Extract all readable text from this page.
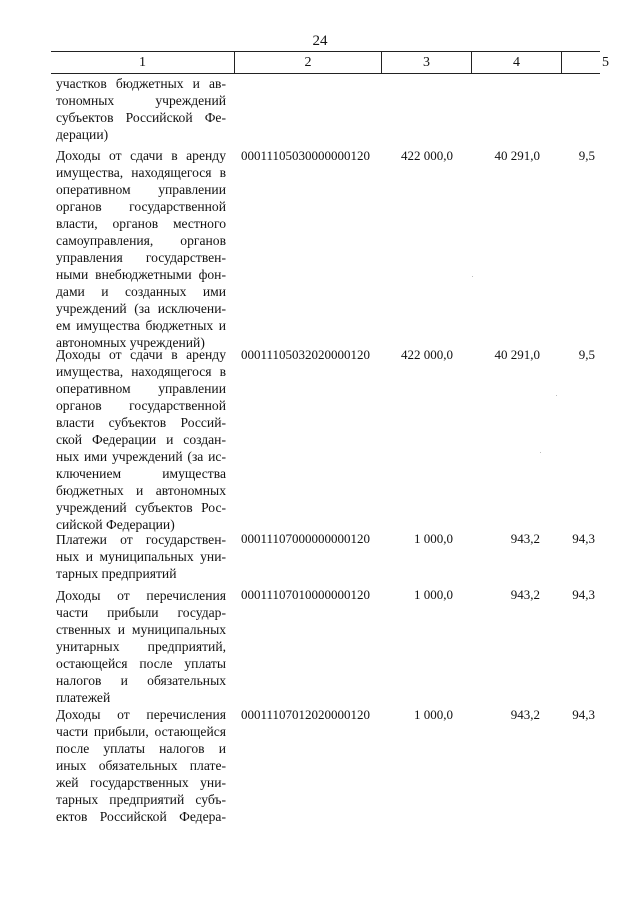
24
1	2	3	4	5
участков бюджетных и ав-
тономных учреждений
субъектов Российской Фе-
дерации)
Доходы от сдачи в аренду
имущества, находящегося в
оперативном управлении
органов государственной
власти, органов местного
самоуправления, органов
управления государствен-
ными внебюджетными фон-
дами и созданных ими
учреждений (за исключени-
ем имущества бюджетных и
автономных учреждений)
00011105030000000120	422 000,0	40 291,0	9,5
Доходы от сдачи в аренду
имущества, находящегося в
оперативном управлении
органов государственной
власти субъектов Россий-
ской Федерации и создан-
ных ими учреждений (за ис-
ключением имущества
бюджетных и автономных
учреждений субъектов Рос-
сийской Федерации)
00011105032020000120	422 000,0	40 291,0	9,5
Платежи от государствен-
ных и муниципальных уни-
тарных предприятий
00011107000000000120	1 000,0	943,2	94,3
Доходы от перечисления
части прибыли государ-
ственных и муниципальных
унитарных предприятий,
остающейся после уплаты
налогов и обязательных
платежей
00011107010000000120	1 000,0	943,2	94,3
Доходы от перечисления
части прибыли, остающейся
после уплаты налогов и
иных обязательных плате-
жей государственных уни-
тарных предприятий субъ-
ектов Российской Федера-
00011107012020000120	1 000,0	943,2	94,3
